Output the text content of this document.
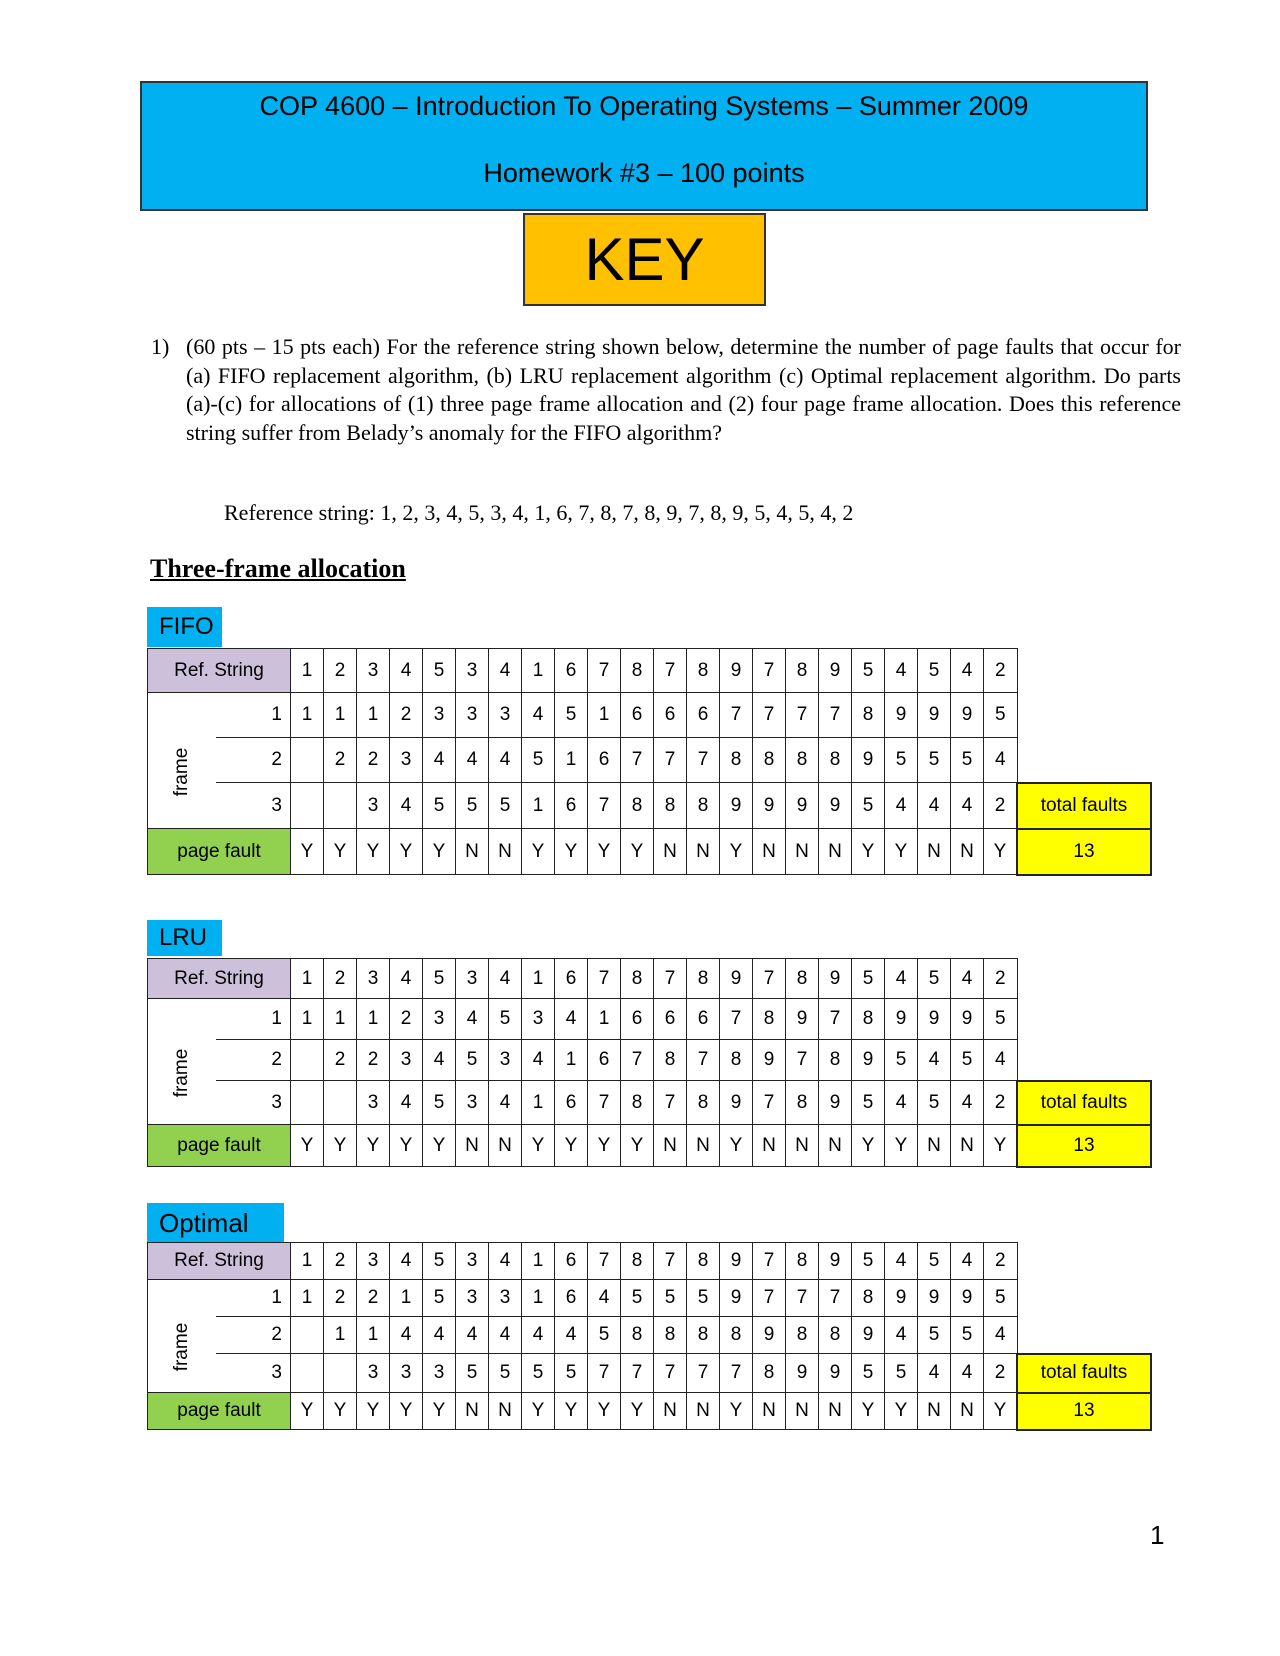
COP 4600 – Introduction To Operating Systems – Summer 2009
Homework #3 – 100 points
KEY
1) (60 pts – 15 pts each) For the reference string shown below, determine the number of page faults that occur for (a) FIFO replacement algorithm, (b) LRU replacement algorithm (c) Optimal replacement algorithm. Do parts (a)-(c) for allocations of (1) three page frame allocation and (2) four page frame allocation. Does this reference string suffer from Belady’s anomaly for the FIFO algorithm?
Reference string: 1, 2, 3, 4, 5, 3, 4, 1, 6, 7, 8, 7, 8, 9, 7, 8, 9, 5, 4, 5, 4, 2
Three-frame allocation
FIFO
Ref. String		1	2	3	4	5	3	4	1	6	7	8	7	8	9	7	8	9	5	4	5	4	2	

frame	1	1	1	1	2	3	3	3	4	5	1	6	6	6	7	7	7	7	8	9	9	9	5	
	2		2	2	3	4	4	4	5	1	6	7	7	7	8	8	8	8	9	5	5	5	4	
	3			3	4	5	5	5	1	6	7	8	8	8	9	9	9	9	5	4	4	4	2	total faults
page fault		Y	Y	Y	Y	Y	N	N	Y	Y	Y	Y	N	N	Y	N	N	N	Y	Y	N	N	Y	13
LRU
Ref. String		1	2	3	4	5	3	4	1	6	7	8	7	8	9	7	8	9	5	4	5	4	2	

frame	1	1	1	1	2	3	4	5	3	4	1	6	6	6	7	8	9	7	8	9	9	9	5	
	2		2	2	3	4	5	3	4	1	6	7	8	7	8	9	7	8	9	5	4	5	4	
	3			3	4	5	3	4	1	6	7	8	7	8	9	7	8	9	5	4	5	4	2	total faults
page fault		Y	Y	Y	Y	Y	N	N	Y	Y	Y	Y	N	N	Y	N	N	N	Y	Y	N	N	Y	13
Optimal
Ref. String		1	2	3	4	5	3	4	1	6	7	8	7	8	9	7	8	9	5	4	5	4	2	

frame	1	1	2	2	1	5	3	3	1	6	4	5	5	5	9	7	7	7	8	9	9	9	5	
	2		1	1	4	4	4	4	4	4	5	8	8	8	8	9	8	8	9	4	5	5	4	
	3			3	3	3	5	5	5	5	7	7	7	7	7	8	9	9	5	5	4	4	2	total faults
page fault		Y	Y	Y	Y	Y	N	N	Y	Y	Y	Y	N	N	Y	N	N	N	Y	Y	N	N	Y	13
1
